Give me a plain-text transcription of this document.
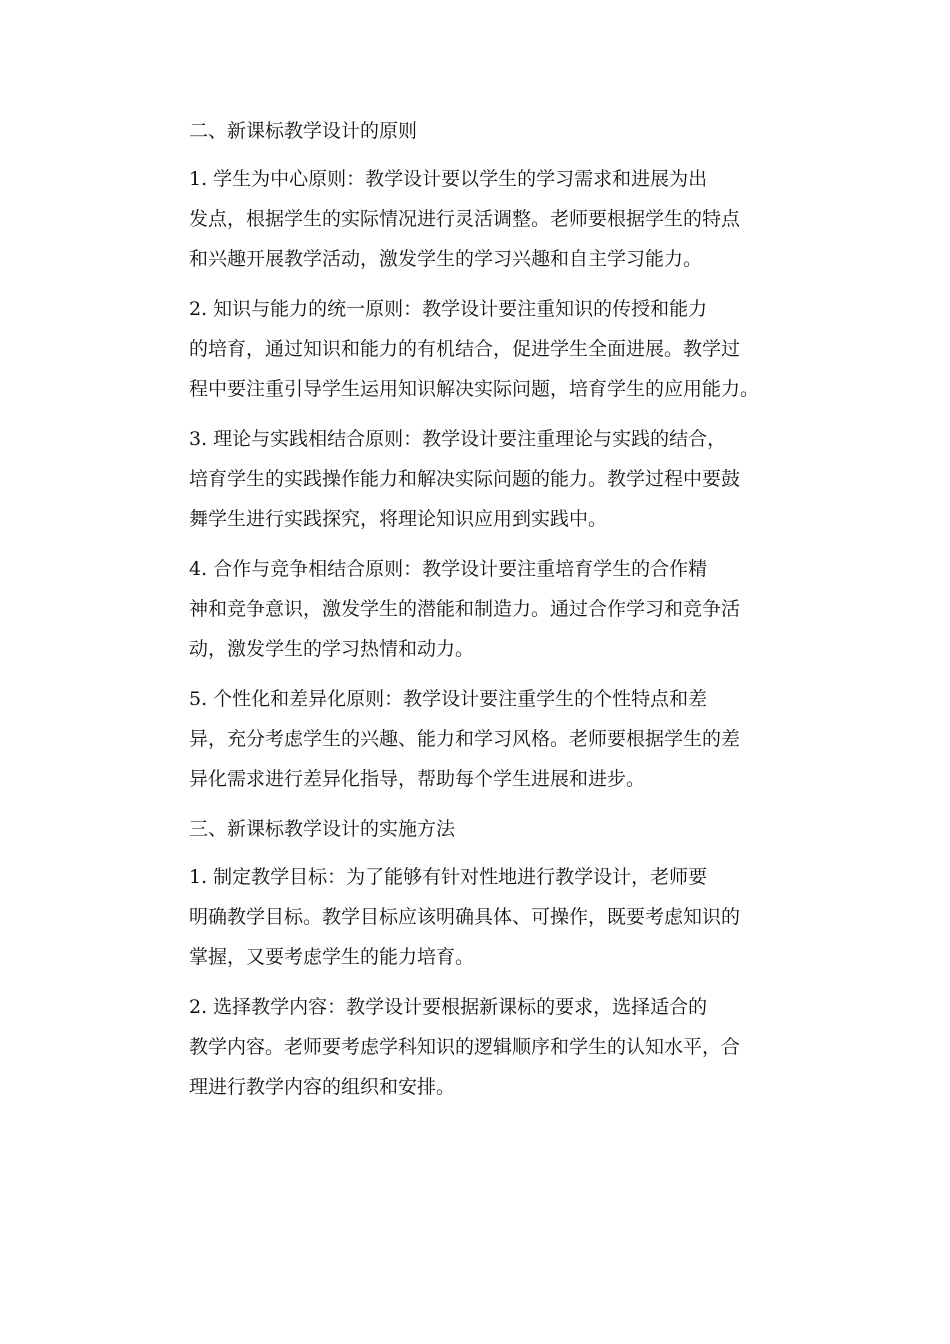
二、新课标教学设计的原则

1. 学生为中心原则：教学设计要以学生的学习需求和进展为出
发点，根据学生的实际情况进行灵活调整。老师要根据学生的特点
和兴趣开展教学活动，激发学生的学习兴趣和自主学习能力。

2. 知识与能力的统一原则：教学设计要注重知识的传授和能力
的培育，通过知识和能力的有机结合，促进学生全面进展。教学过
程中要注重引导学生运用知识解决实际问题，培育学生的应用能力。

3. 理论与实践相结合原则：教学设计要注重理论与实践的结合，
培育学生的实践操作能力和解决实际问题的能力。教学过程中要鼓
舞学生进行实践探究，将理论知识应用到实践中。

4. 合作与竞争相结合原则：教学设计要注重培育学生的合作精
神和竞争意识，激发学生的潜能和制造力。通过合作学习和竞争活
动，激发学生的学习热情和动力。

5. 个性化和差异化原则：教学设计要注重学生的个性特点和差
异，充分考虑学生的兴趣、能力和学习风格。老师要根据学生的差
异化需求进行差异化指导，帮助每个学生进展和进步。

三、新课标教学设计的实施方法

1. 制定教学目标：为了能够有针对性地进行教学设计，老师要
明确教学目标。教学目标应该明确具体、可操作，既要考虑知识的
掌握，又要考虑学生的能力培育。

2. 选择教学内容：教学设计要根据新课标的要求，选择适合的
教学内容。老师要考虑学科知识的逻辑顺序和学生的认知水平，合
理进行教学内容的组织和安排。
